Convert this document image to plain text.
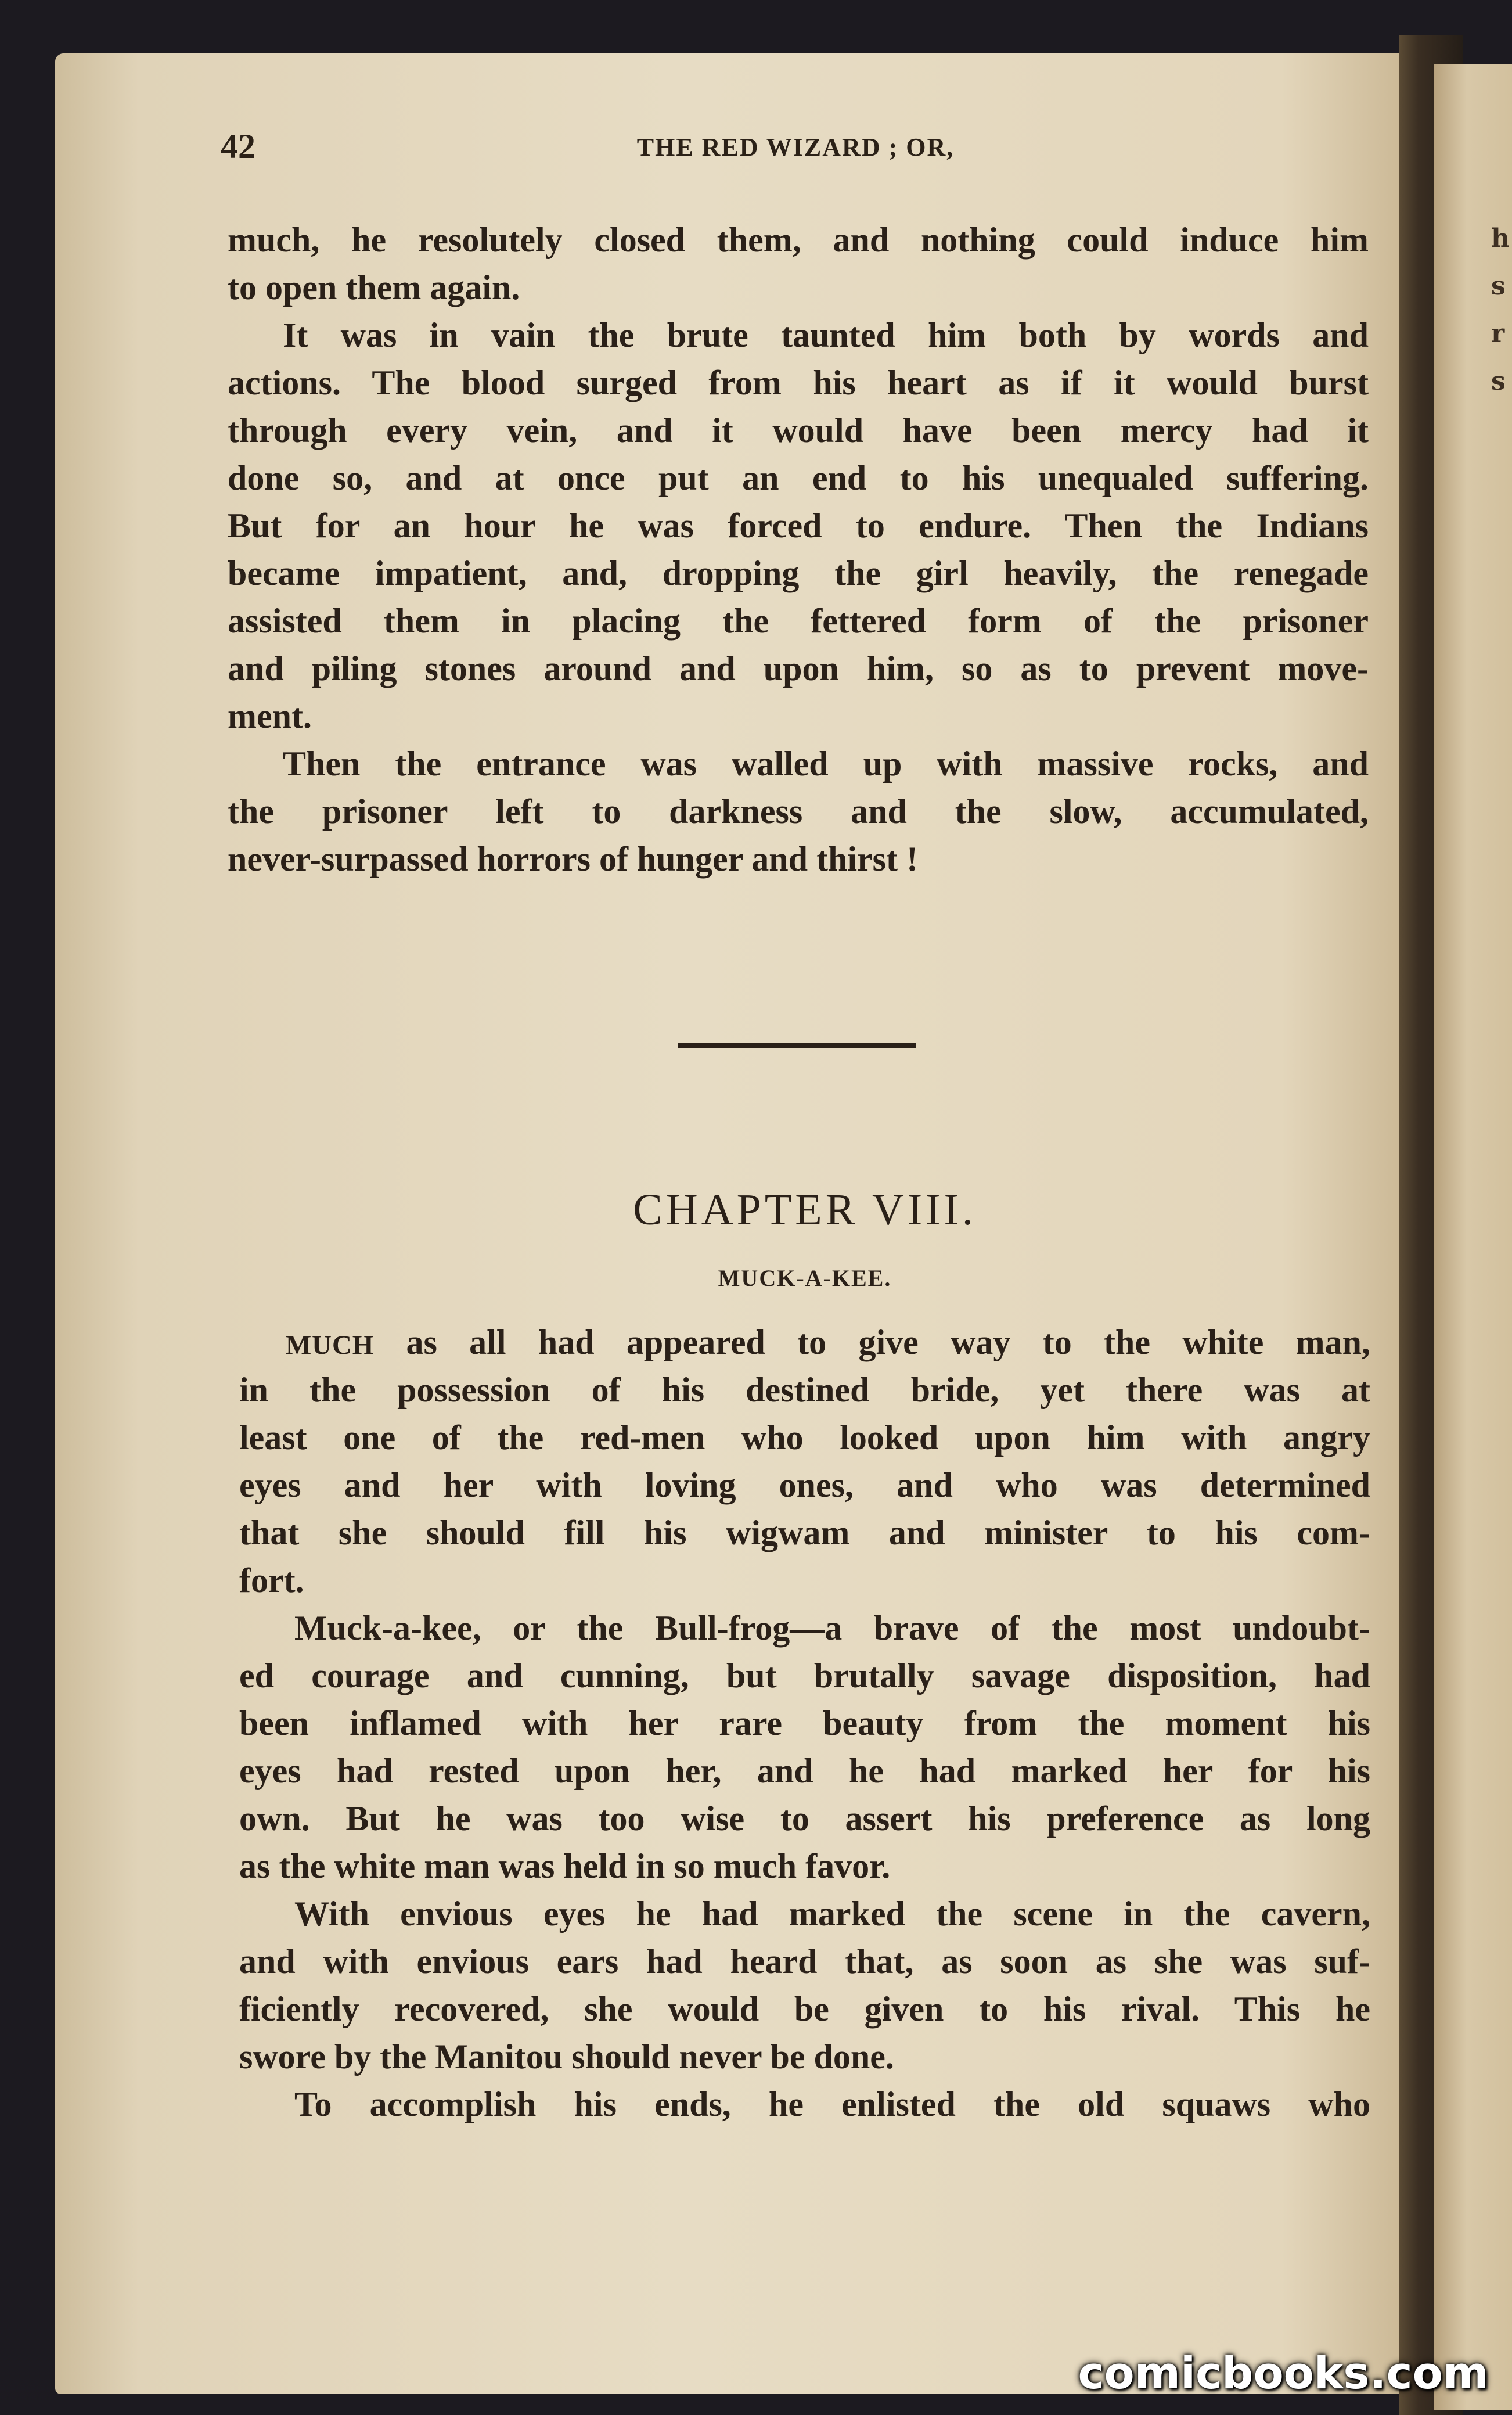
h
s
r
s
42	THE RED WIZARD ; OR,
much, he resolutely closed them, and nothing could induce him
to open them again.
It was in vain the brute taunted him both by words and
actions. The blood surged from his heart as if it would burst
through every vein, and it would have been mercy had it
done so, and at once put an end to his unequaled suffering.
But for an hour he was forced to endure. Then the Indians
became impatient, and, dropping the girl heavily, the renegade
assisted them in placing the fettered form of the prisoner
and piling stones around and upon him, so as to prevent move-
ment.
Then the entrance was walled up with massive rocks, and
the prisoner left to darkness and the slow, accumulated,
never-surpassed horrors of hunger and thirst !
CHAPTER VIII.
MUCK-A-KEE.
MUCH as all had appeared to give way to the white man,
in the possession of his destined bride, yet there was at
least one of the red-men who looked upon him with angry
eyes and her with loving ones, and who was determined
that she should fill his wigwam and minister to his com-
fort.
Muck-a-kee, or the Bull-frog—a brave of the most undoubt-
ed courage and cunning, but brutally savage disposition, had
been inflamed with her rare beauty from the moment his
eyes had rested upon her, and he had marked her for his
own. But he was too wise to assert his preference as long
as the white man was held in so much favor.
With envious eyes he had marked the scene in the cavern,
and with envious ears had heard that, as soon as she was suf-
ficiently recovered, she would be given to his rival. This he
swore by the Manitou should never be done.
To accomplish his ends, he enlisted the old squaws who
comicbooks.com
